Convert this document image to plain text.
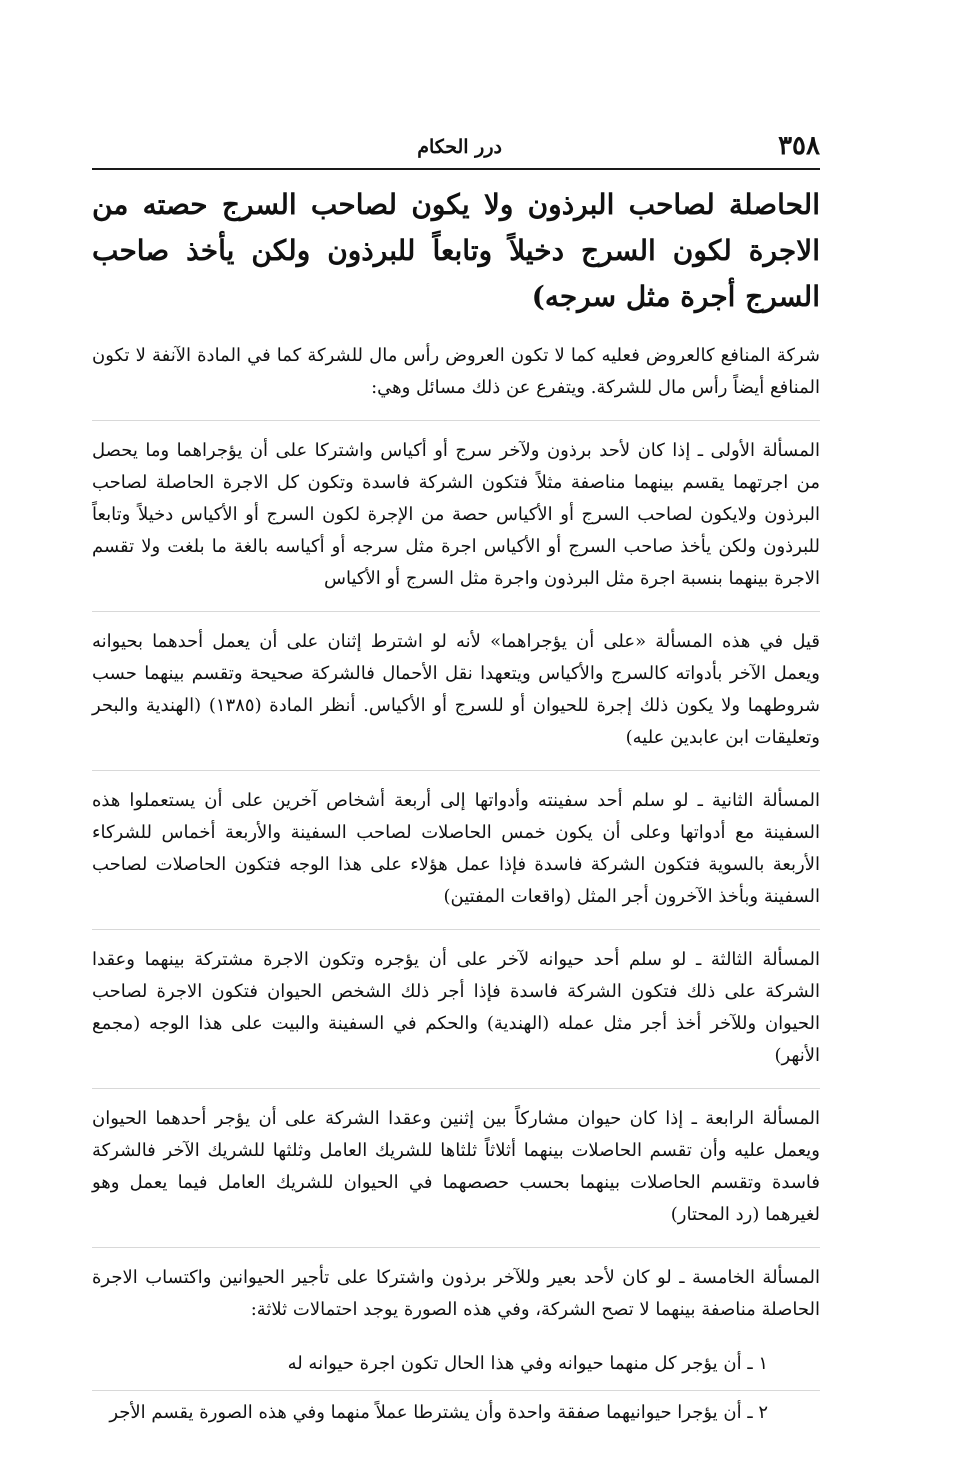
٣٥٨
درر الحكام
الحاصلة لصاحب البرذون ولا يكون لصاحب السرج حصته من الاجرة لكون السرج دخيلاً وتابعاً للبرذون ولكن يأخذ صاحب السرج أجرة مثل سرجه)

شركة المنافع كالعروض فعليه كما لا تكون العروض رأس مال للشركة كما في المادة الآنفة لا تكون المنافع أيضاً رأس مال للشركة. ويتفرع عن ذلك مسائل وهي:

المسألة الأولى ـ إذا كان لأحد برذون ولآخر سرج أو أكياس واشتركا على أن يؤجراهما وما يحصل من اجرتهما يقسم بينهما مناصفة مثلاً فتكون الشركة فاسدة وتكون كل الاجرة الحاصلة لصاحب البرذون ولايكون لصاحب السرج أو الأكياس حصة من الإجرة لكون السرج أو الأكياس دخيلاً وتابعاً للبرذون ولكن يأخذ صاحب السرج أو الأكياس اجرة مثل سرجه أو أكياسه بالغة ما بلغت ولا تقسم الاجرة بينهما بنسبة اجرة مثل البرذون واجرة مثل السرج أو الأكياس

قيل في هذه المسألة «على أن يؤجراهما» لأنه لو اشترط إثنان على أن يعمل أحدهما بحيوانه ويعمل الآخر بأدواته كالسرج والأكياس ويتعهدا نقل الأحمال فالشركة صحيحة وتقسم بينهما حسب شروطهما ولا يكون ذلك إجرة للحيوان أو للسرج أو الأكياس. أنظر المادة (١٣٨٥) (الهندية والبحر وتعليقات ابن عابدين عليه)

المسألة الثانية ـ لو سلم أحد سفينته وأدواتها إلى أربعة أشخاص آخرين على أن يستعملوا هذه السفينة مع أدواتها وعلى أن يكون خمس الحاصلات لصاحب السفينة والأربعة أخماس للشركاء الأربعة بالسوية فتكون الشركة فاسدة فإذا عمل هؤلاء على هذا الوجه فتكون الحاصلات لصاحب السفينة وبأخذ الآخرون أجر المثل (واقعات المفتين)

المسألة الثالثة ـ لو سلم أحد حيوانه لآخر على أن يؤجره وتكون الاجرة مشتركة بينهما وعقدا الشركة على ذلك فتكون الشركة فاسدة فإذا أجر ذلك الشخص الحيوان فتكون الاجرة لصاحب الحيوان وللآخر أخذ أجر مثل عمله (الهندية) والحكم في السفينة والبيت على هذا الوجه (مجمع الأنهر)

المسألة الرابعة ـ إذا كان حيوان مشاركاً بين إثنين وعقدا الشركة على أن يؤجر أحدهما الحيوان ويعمل عليه وأن تقسم الحاصلات بينهما أثلاثاً ثلثاها للشريك العامل وثلثها للشريك الآخر فالشركة فاسدة وتقسم الحاصلات بينهما بحسب حصصهما في الحيوان للشريك العامل فيما يعمل وهو لغيرهما (رد المحتار)

المسألة الخامسة ـ لو كان لأحد بعير وللآخر برذون واشتركا على تأجير الحيوانين واكتساب الاجرة الحاصلة مناصفة بينهما لا تصح الشركة، وفي هذه الصورة يوجد احتمالات ثلاثة:

١ ـ أن يؤجر كل منهما حيوانه وفي هذا الحال تكون اجرة حيوانه له

٢ ـ أن يؤجرا حيوانيهما صفقة واحدة وأن يشترطا عملاً منهما وفي هذه الصورة يقسم الأجر
